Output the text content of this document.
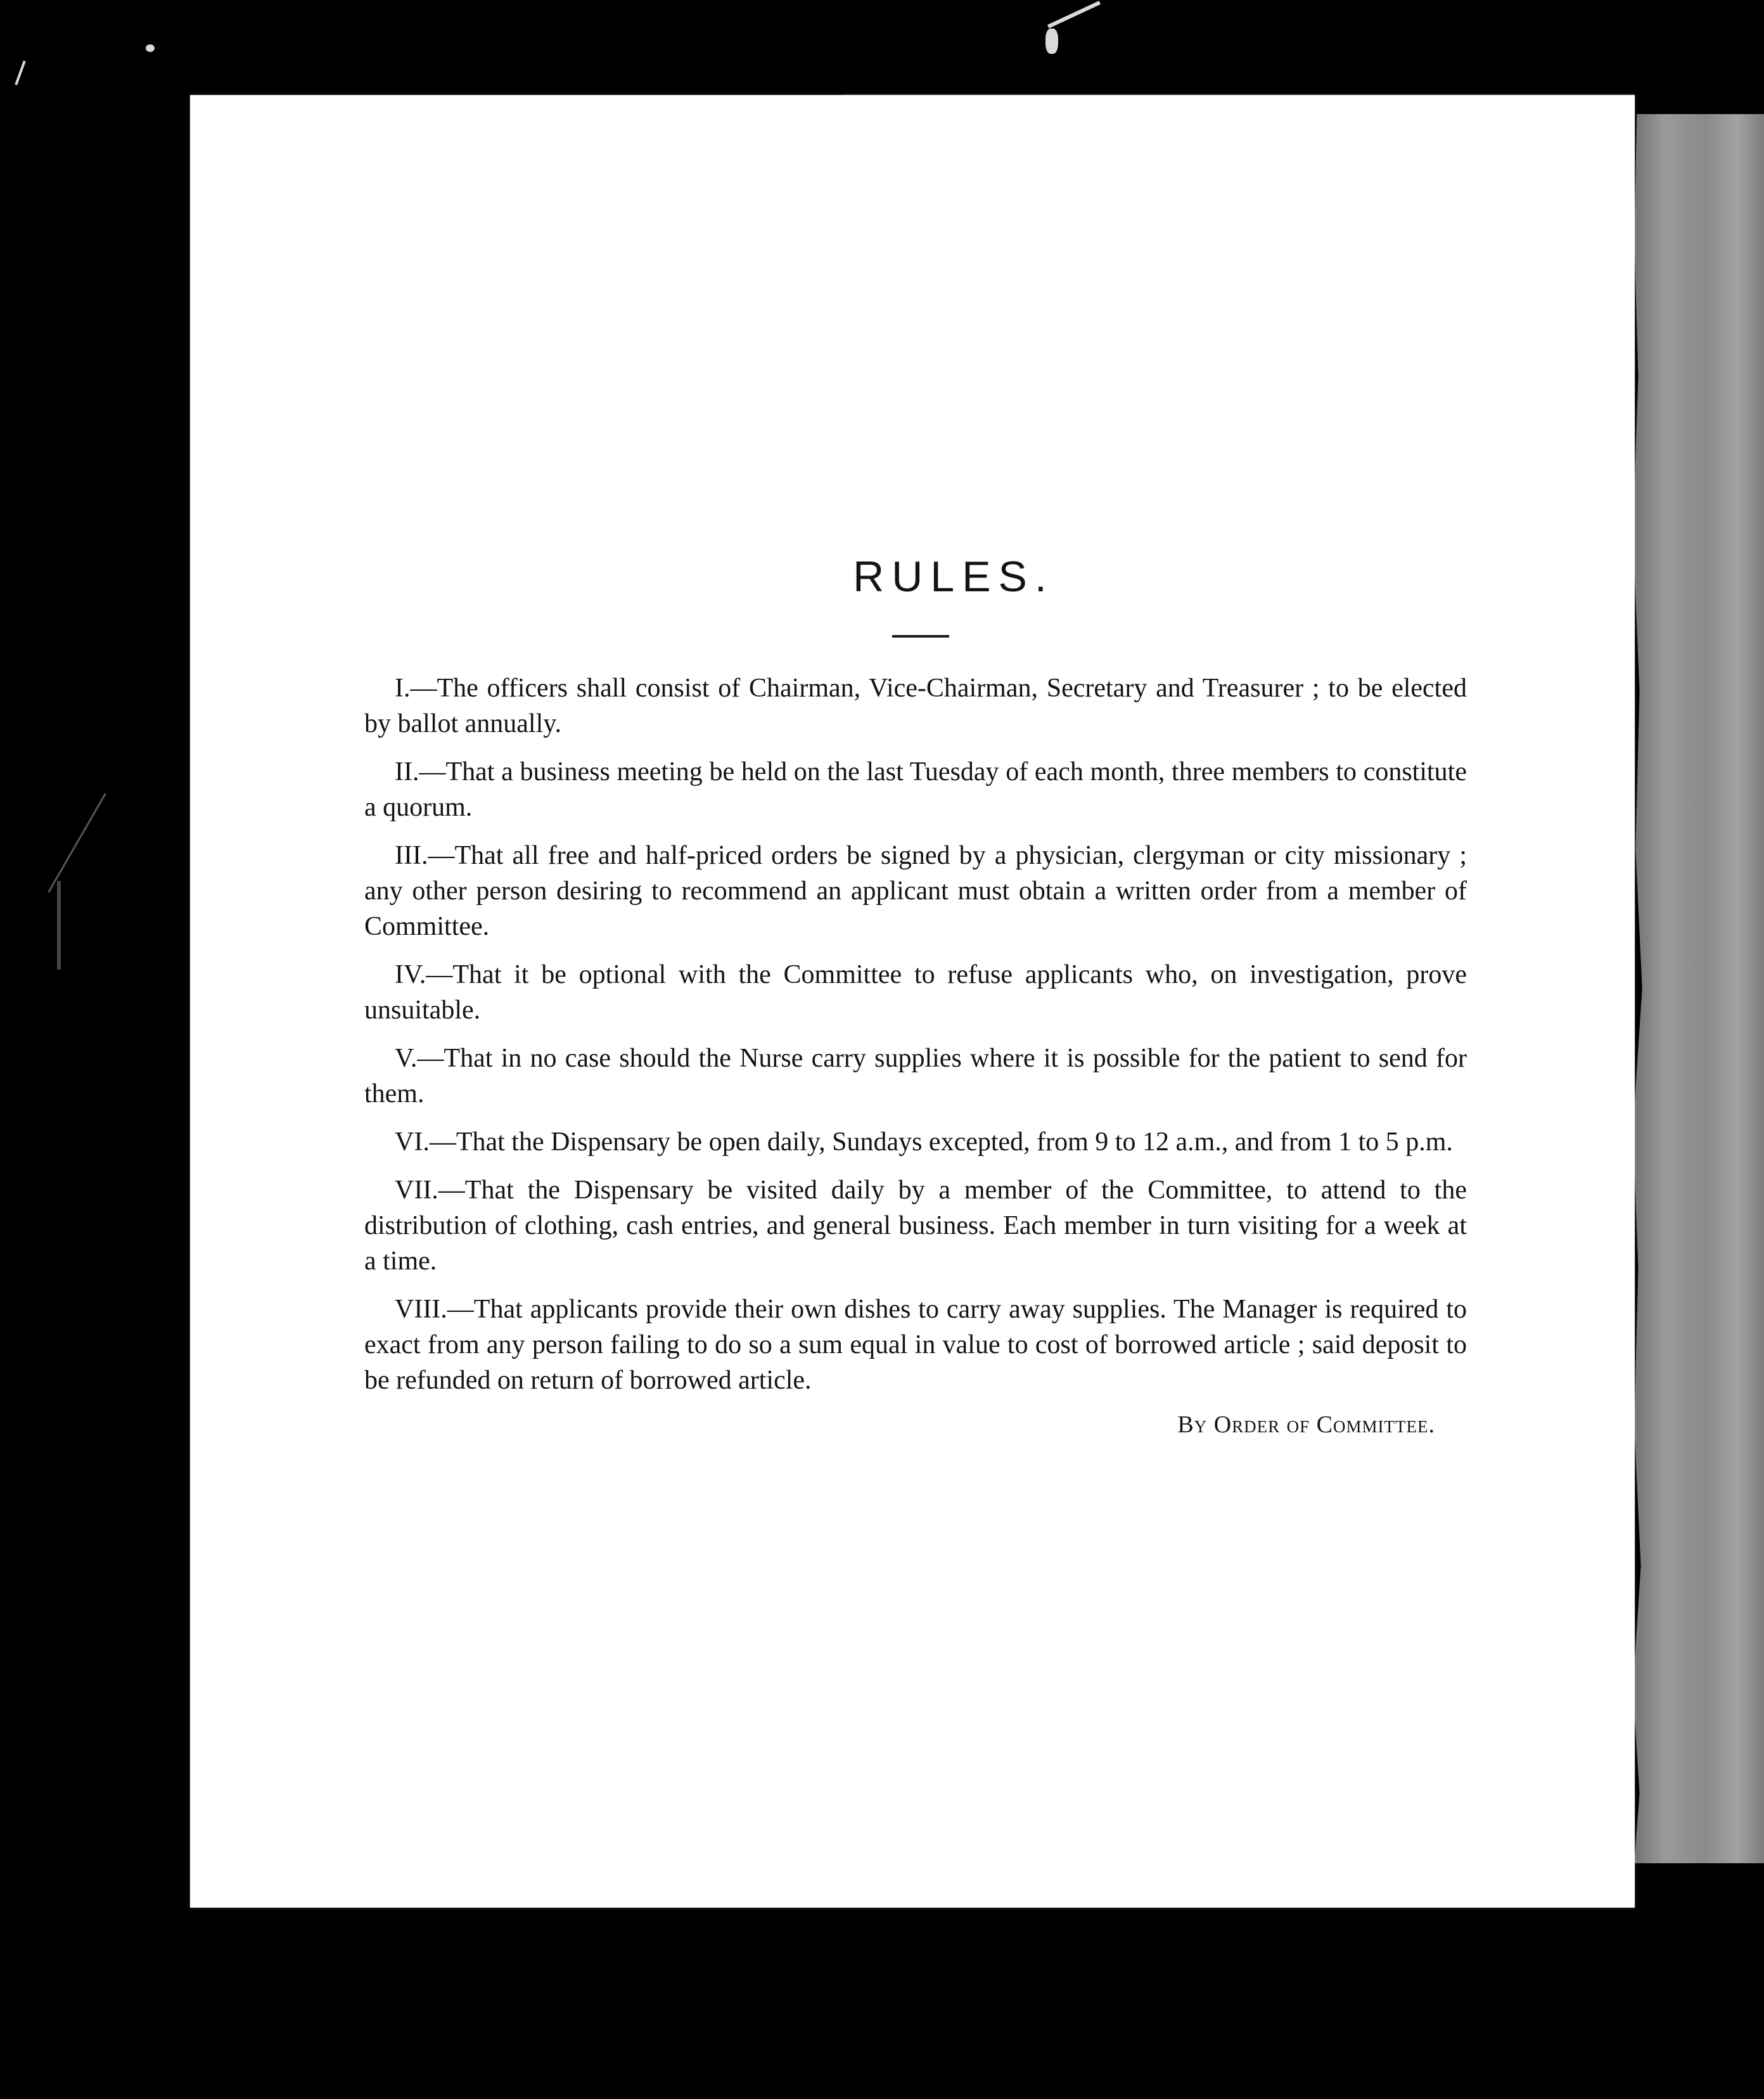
RULES.
I.—The officers shall consist of Chairman, Vice-Chairman, Secretary and Treasurer ; to be elected by ballot annually.
II.—That a business meeting be held on the last Tuesday of each month, three members to constitute a quorum.
III.—That all free and half-priced orders be signed by a physician, clergyman or city missionary ; any other person desiring to recommend an applicant must obtain a written order from a member of Committee.
IV.—That it be optional with the Committee to refuse applicants who, on investigation, prove unsuitable.
V.—That in no case should the Nurse carry supplies where it is possible for the patient to send for them.
VI.—That the Dispensary be open daily, Sundays excepted, from 9 to 12 a.m., and from 1 to 5 p.m.
VII.—That the Dispensary be visited daily by a member of the Committee, to attend to the distribution of clothing, cash entries, and general business. Each member in turn visiting for a week at a time.
VIII.—That applicants provide their own dishes to carry away supplies. The Manager is required to exact from any person failing to do so a sum equal in value to cost of borrowed article ; said deposit to be refunded on return of borrowed article.
By Order of Committee.
